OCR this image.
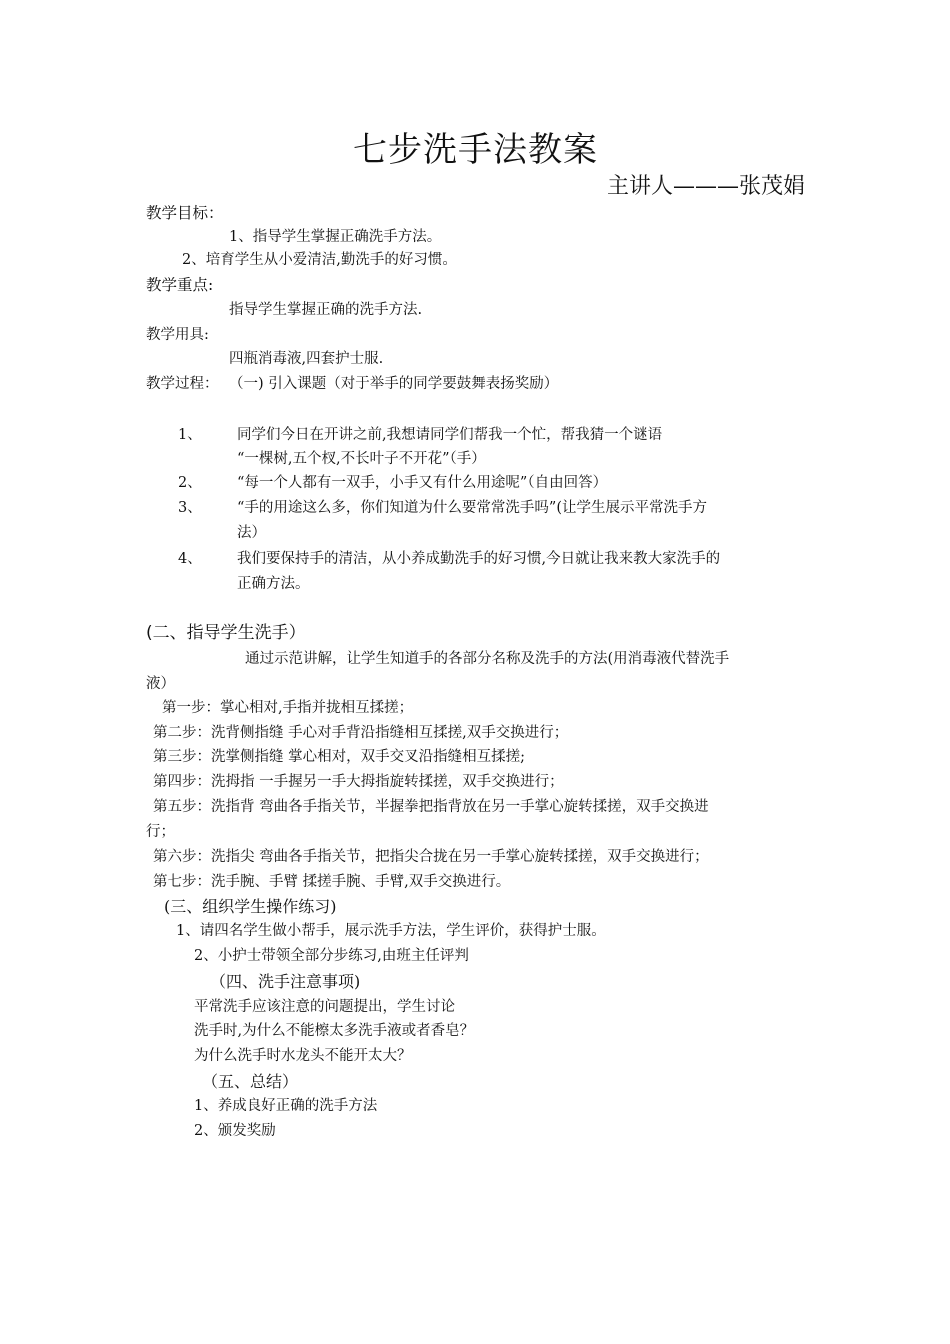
七步洗手法教案
主讲人———张茂娟
教学目标：
1、指导学生掌握正确洗手方法。
2、培育学生从小爱清洁,勤洗手的好习惯。
教学重点:
指导学生掌握正确的洗手方法.
教学用具:
四瓶消毒液,四套护士服.
教学过程： （一) 引入课题（对于举手的同学要鼓舞表扬奖励）
1、 同学们今日在开讲之前,我想请同学们帮我一个忙，帮我猜一个谜语
“一棵树,五个杈,不长叶子不开花”（手）
2、 “每一个人都有一双手，小手又有什么用途呢”（自由回答）
3、 “手的用途这么多，你们知道为什么要常常洗手吗”(让学生展示平常洗手方
法）
4、 我们要保持手的清洁，从小养成勤洗手的好习惯,今日就让我来教大家洗手的
正确方法。
(二、指导学生洗手）
通过示范讲解，让学生知道手的各部分名称及洗手的方法(用消毒液代替洗手
液）
第一步：掌心相对,手指并拢相互揉搓；
第二步：洗背侧指缝 手心对手背沿指缝相互揉搓,双手交换进行；
第三步：洗掌侧指缝 掌心相对，双手交叉沿指缝相互揉搓;
第四步：洗拇指 一手握另一手大拇指旋转揉搓，双手交换进行；
第五步：洗指背 弯曲各手指关节，半握拳把指背放在另一手掌心旋转揉搓，双手交换进
行；
第六步：洗指尖 弯曲各手指关节，把指尖合拢在另一手掌心旋转揉搓，双手交换进行；
第七步：洗手腕、手臂 揉搓手腕、手臂,双手交换进行。
(三、组织学生操作练习)
1、请四名学生做小帮手，展示洗手方法，学生评价，获得护士服。
2、小护士带领全部分步练习,由班主任评判
（四、洗手注意事项)
平常洗手应该注意的问题提出，学生讨论
洗手时,为什么不能檫太多洗手液或者香皂？
为什么洗手时水龙头不能开太大？
（五、总结）
1、养成良好正确的洗手方法
2、颁发奖励
